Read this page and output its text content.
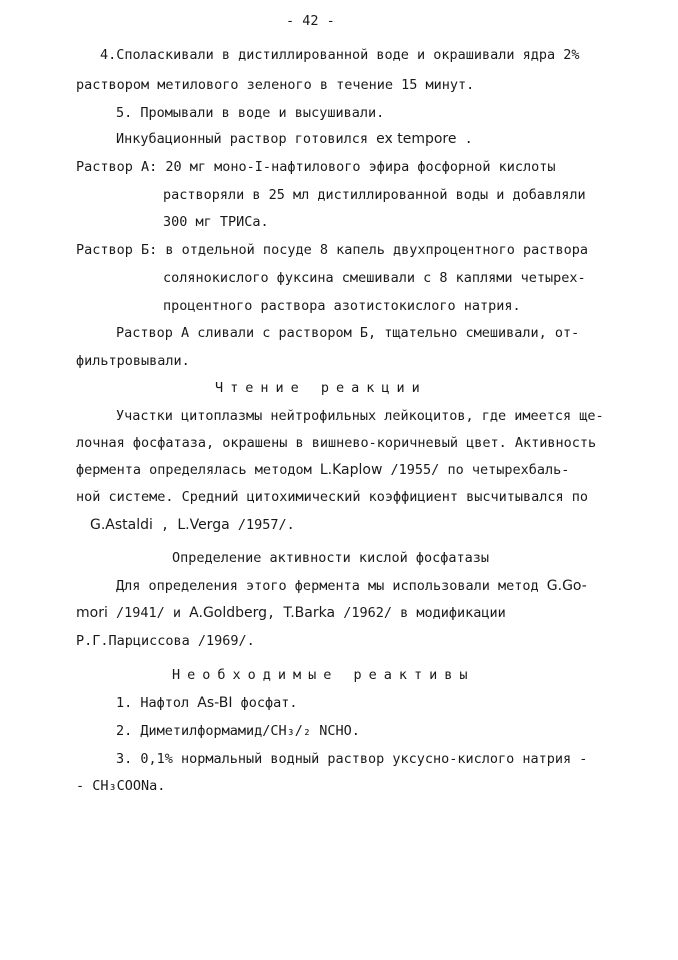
- 42 -
4.Споласкивали в дистиллированной воде и окрашивали ядра 2%
раствором метилового зеленого в течение 15 минут.
5. Промывали в воде и высушивали.
Инкубационный раствор готовился ex tempore .
Раствор А: 20 мг моно-I-нафтилового эфира фосфорной кислоты
растворяли в 25 мл дистиллированной воды и добавляли
300 мг ТРИСа.
Раствор Б: в отдельной посуде 8 капель двухпроцентного раствора
солянокислого фуксина смешивали с 8 каплями четырех-
процентного раствора азотистокислого натрия.
Раствор А сливали с раствором Б, тщательно смешивали, от-
фильтровывали.
Чтение реакции
Участки цитоплазмы нейтрофильных лейкоцитов, где имеется ще-
лочная фосфатаза, окрашены в вишнево-коричневый цвет. Активность
фермента определялась методом L.Kaplow /1955/ по четырехбаль-
ной системе. Средний цитохимический коэффициент высчитывался по
G.Astaldi , L.Verga /1957/.
Определение активности кислой фосфатазы
Для определения этого фермента мы использовали метод G.Go-
mori /1941/ и A.Goldberg, T.Barka /1962/ в модификации
Р.Г.Парциссова /1969/.
Необходимые реактивы
1. Нафтол As-BI фосфат.
2. Диметилформамид/СН₃/₂ NCHO.
3. 0,1% нормальный водный раствор уксусно-кислого натрия -
- CH₃COONa.
